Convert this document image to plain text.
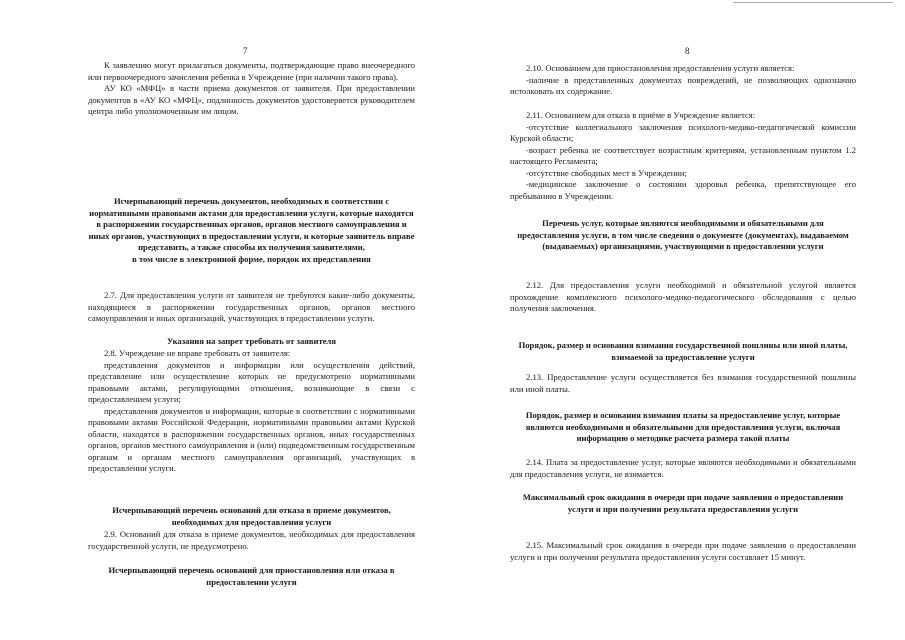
7

К заявлению могут прилагаться документы, подтверждающие право внеочередного или первоочередного зачисления ребенка в Учреждение (при наличии такого права).

АУ КО «МФЦ» в части приема документов от заявителя. При предоставлении документов в «АУ КО «МФЦ», подлинность документов удостоверяется руководителем центра либо уполномоченным им лицом.

Исчерпывающий перечень документов, необходимых в соответствии с нормативными правовыми актами для предоставления услуги, которые находятся в распоряжении государственных органов, органов местного самоуправления и иных органов, участвующих в предоставлении услуги, и которые заявитель вправе представить, а также способы их получения заявителями,

в том числе в электронной форме, порядок их представления

2.7. Для предоставления услуги от заявителя не требуются какие-либо документы, находящиеся в распоряжении государственных органов, органов местного самоуправления и иных организаций, участвующих в предоставлении услуги.

Указания на запрет требовать от заявителя

2.8. Учреждение не вправе требовать от заявителя:

представления документов и информации или осуществления действий, представление или осуществление которых не предусмотрено нормативными правовыми актами, регулирующими отношения, возникающие в связи с предоставлением услуги;

представления документов и информации, которые в соответствии с нормативными правовыми актами Российской Федерации, нормативными правовыми актами Курской области, находятся в распоряжении государственных органов, иных государственных органов, органов местного самоуправления и (или) подведомственным государственным органам и органам местного самоуправления организаций, участвующих в предоставлении услуги.

Исчерпывающий перечень оснований для отказа в приеме документов, необходимых для предоставления услуги

2.9. Оснований для отказа в приеме документов, необходимых для предоставления государственной услуги, не предусмотрено.

Исчерпывающий перечень оснований для приостановления или отказа в предоставлении услуги

8

2.10. Основанием для приостановления предоставления услуги является:

-наличие в представленных документах повреждений, не позволяющих однозначно истолковать их содержание.

2.11. Основанием для отказа в приёме в Учреждение является:

-отсутствие коллегиального заключения психолого-медико-педагогической комиссии Курской области;

-возраст ребенка не соответствует возрастным критериям, установленным пунктом 1.2 настоящего Регламента;

-отсутствие свободных мест в Учреждении;

-медицинское заключение о состоянии здоровья ребенка, препятствующее его пребыванию в Учреждении.

Перечень услуг, которые являются необходимыми и обязательными для предоставления услуги, в том числе сведения о документе (документах), выдаваемом (выдаваемых) организациями, участвующими в предоставлении услуги

2.12. Для предоставления услуги необходимой и обязательной услугой является прохождение комплексного психолого-медико-педагогического обследования с целью получения заключения.

Порядок, размер и основания взимания государственной пошлины или иной платы, взимаемой за предоставление услуги

2.13. Предоставление услуги осуществляется без взимания государственной пошлины или иной платы.

Порядок, размер и основания взимания платы за предоставление услуг, которые являются необходимыми и обязательными для предоставления услуги, включая информацию о методике расчета размера такой платы

2.14. Плата за предоставление услуг, которые являются необходимыми и обязательными для предоставления услуги, не взимается.

Максимальный срок ожидания в очереди при подаче заявления о предоставлении услуги и при получении результата предоставления услуги

2.15. Максимальный срок ожидания в очереди при подаче заявления о предоставлении услуги и при получении результата предоставления услуги составляет 15 минут.
